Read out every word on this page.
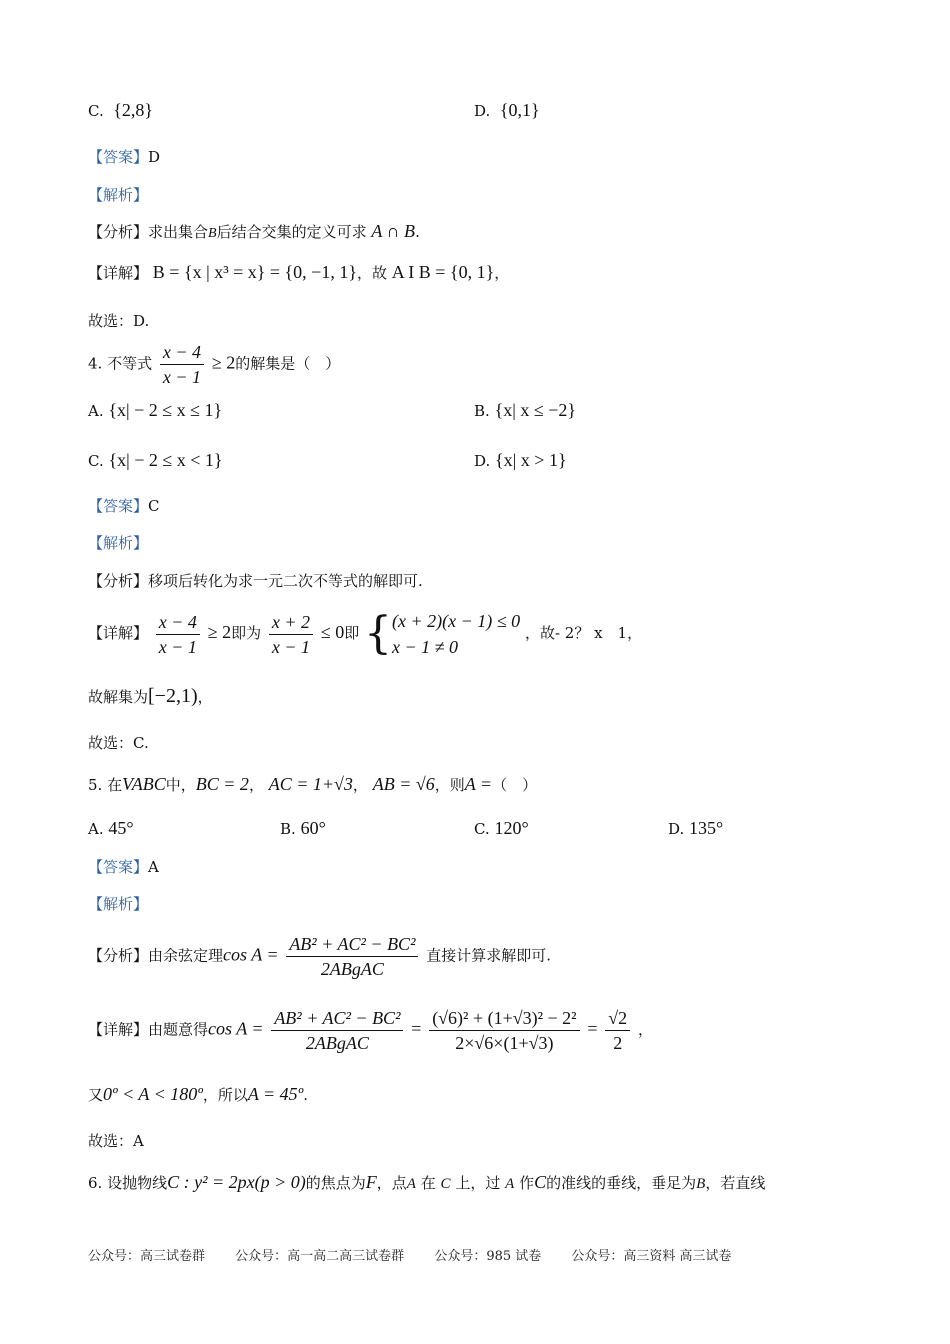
C. {2,8}	D. {0,1}
【答案】D
【解析】
【分析】求出集合B后结合交集的定义可求 A ∩ B.
【详解】 B = {x | x³ = x} = {0, −1, 1}，故 A I B = {0, 1}，
故选：D.
4. 不等式 $\frac{x - 4}{x - 1} \ge 2$的解集是（　）
A. {x| − 2 ≤ x ≤ 1}	B. {x| x ≤ −2}
C. {x| − 2 ≤ x < 1}	D. {x| x > 1}
【答案】C
【解析】
【分析】移项后转化为求一元二次不等式的解即可.
【详解】 $\frac{x - 4}{x - 1} \ge 2$即为 $\frac{x + 2}{x - 1} \le 0$即 { (x + 2)(x − 1) ≤ 0
x − 1 ≠ 0
，故- 2？ x　1，
故解集为[−2,1)，
故选：C.
5. 在VABC中，BC = 2， AC = 1+√3， AB = √6，则A =（　）
A. 45°	B. 60°	C. 120°	D. 135°
【答案】A
【解析】
【分析】由余弦定理$\cos A = \frac{\text{AB² + AC² − BC²}}{\text{2ABgAC}}$ 直接计算求解即可.
【详解】由题意得$\cos A = \frac{\text{AB² + AC² − BC²}}{\text{2ABgAC}} = \frac{\text{(√6)² + (1+√3)² − 2²}}{2\times√6\times(1+√3)} = \frac{√2}{2}$ ，
又0º < A < 180º，所以A = 45º.
故选：A
6. 设抛物线C : y² = 2px(p > 0)的焦点为F，点A 在 C 上，过 A 作C的准线的垂线，垂足为B，若直线
公众号：高三试卷群 公众号：高一高二高三试卷群 公众号：985 试卷 公众号：高三资料 高三试卷
